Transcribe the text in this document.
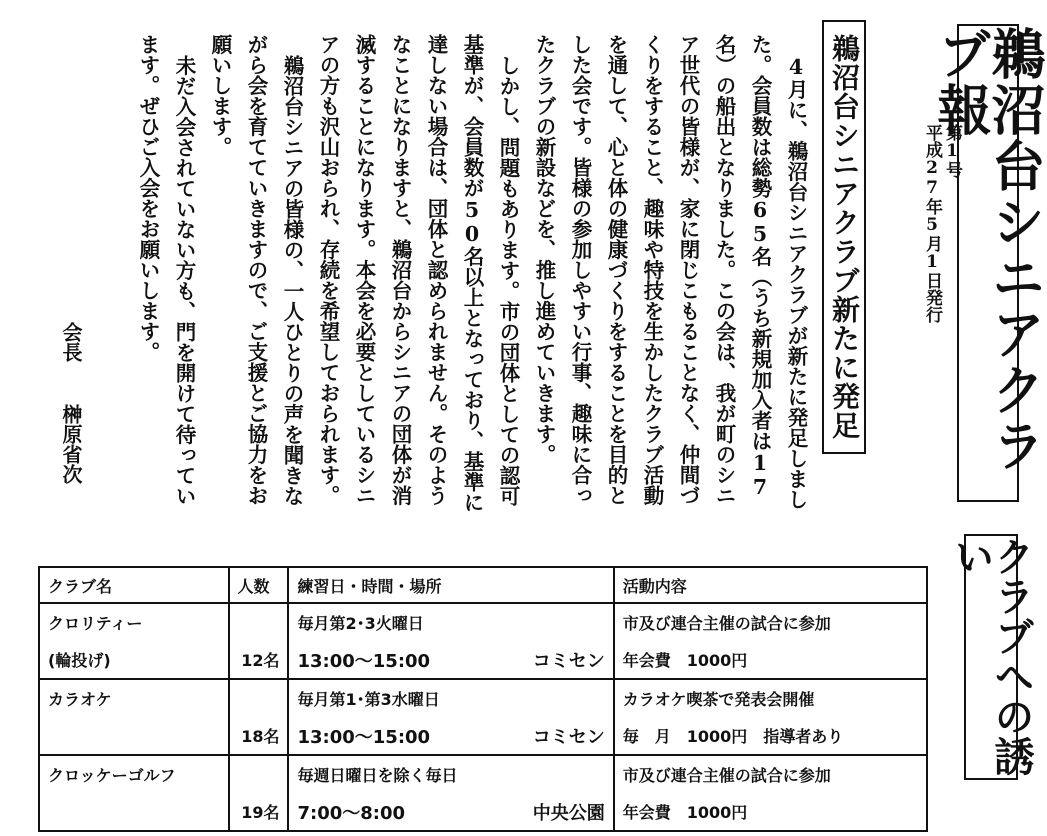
鵜沼台シニアクラブ報
第1号
平成27年5月1日発行
鵜沼台シニアクラブ新たに発足

4月に、鵜沼台シニアクラブが新たに発足しました。会員数は総勢65名（うち新規加入者は17名）の船出となりました。この会は、我が町のシニア世代の皆様が、家に閉じこもることなく、仲間づくりをすること、趣味や特技を生かしたクラブ活動を通して、心と体の健康づくりをすることを目的とした会です。皆様の参加しやすい行事、趣味に合ったクラブの新設などを、推し進めていきます。

しかし、問題もあります。市の団体としての認可基準が、会員数が50名以上となっており、基準に達しない場合は、団体と認められません。そのようなことになりますと、鵜沼台からシニアの団体が消滅することになります。本会を必要としているシニアの方も沢山おられ、存続を希望しておられます。

鵜沼台シニアの皆様の、一人ひとりの声を聞きながら会を育てていきますので、ご支援とご協力をお願いします。

未だ入会されていない方も、門を開けて待っています。ぜひご入会をお願いします。

会長 榊原省次
クラブへの誘い
クラブ名	人数	練習日・時間・場所	活動内容
クロリティー		毎月第2･3火曜日	市及び連合主催の試合に参加
(輪投げ)	12名	13:00～15:00 コミセン	年会費　1000円
カラオケ		毎月第1･第3水曜日	カラオケ喫茶で発表会開催
	18名	13:00～15:00 コミセン	毎　月　1000円　指導者あり
クロッケーゴルフ		毎週日曜日を除く毎日	市及び連合主催の試合に参加
	19名	7:00～8:00 中央公園	年会費　1000円
